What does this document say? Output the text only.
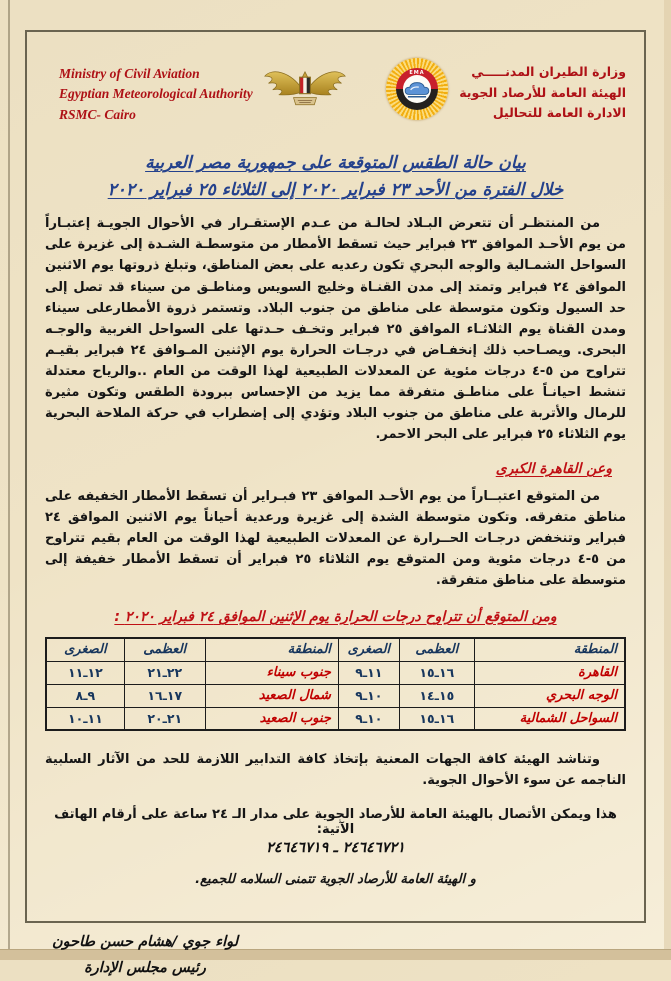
Ministry of Civil Aviation
Egyptian Meteorological Authority
RSMC- Cairo
EMA	وزارة الطيران المدنـــــي
الهيئة العامة للأرصاد الجوية
الادارة العامة للتحاليل
بيان حالة الطقس المتوقعة على جمهورية مصر العربية
خلال الفترة من الأحد ٢٣ فبراير ٢٠٢٠ إلى الثلاثاء ٢٥ فبراير ٢٠٢٠

من المنتظـر أن تتعرض البـلاد لحالـة من عـدم الإستقـرار في الأحوال الجويـة إعتبـاراً من يوم الأحـد الموافق ٢٣ فبراير حيث تسقط الأمطار من متوسطـة الشـدة إلى غزيرة على السواحل الشمـالية والوجه البحري تكون رعديه على بعض المناطق، وتبلغ ذروتها يوم الاثنين الموافق ٢٤ فبراير وتمتد إلى مدن القنـاة وخليج السويس ومناطـق من سيناء قد تصل إلى حد السيول وتكون متوسطة على مناطق من جنوب البلاد. وتستمر ذروة الأمطارعلى سيناء ومدن القناة يوم الثلاثـاء الموافق ٢٥ فبراير وتخـف حـدتها على السواحل الغربية والوجـه البحرى. ويصـاحب ذلك إنخفـاض في درجـات الحرارة يوم الإثنين المـوافق ٢٤ فبراير بقيـم تتراوح من ٤‎-‎٥ درجات مئوية عن المعدلات الطبيعية لهذا الوقت من العام ..والرياح معتدلة تنشط احيانـاً على مناطـق متفرقة مما يزيد من الإحساس ببرودة الطقس وتكون مثيرة للرمال والأتربة على مناطق من جنوب البلاد وتؤدي إلى إضطراب في حركة الملاحة البحرية يوم الثلاثاء ٢٥ فبراير على البحر الاحمر.

وعن القاهرة الكبرى

من المتوقع اعتبــاراً من يوم الأحـد الموافق ٢٣ فبـراير أن تسقط الأمطار الخفيفه على مناطق متفرقه. وتكون متوسطة الشدة إلى غزيرة ورعدية أحياناً يوم الاثنين الموافق ٢٤ فبراير وتنخفض درجـات الحــرارة عن المعدلات الطبيعية لهذا الوقت من العام بقيم تتراوح من ٤‎-‎٥ درجات مئوية ومن المتوقع يوم الثلاثاء ٢٥ فبراير أن تسقط الأمطار خفيفة إلى متوسطة على مناطق متفرقة.

ومن المتوقع أن تتراوح درجات الحرارة يوم الإثنين الموافق ٢٤ فبراير ٢٠٢٠ :
المنطقة	العظمى	الصغرى	المنطقة	العظمى	الصغرى
القاهرة	١٥ـ١٦	٩ـ١١	جنوب سيناء	٢١ـ٢٢	١١ـ١٢
الوجه البحري	١٤ـ١٥	٩ـ١٠	شمال الصعيد	١٦ـ١٧	٨ـ٩
السواحل الشمالية	١٥ـ١٦	٩ـ١٠	جنوب الصعيد	٢٠ـ٢١	١٠ـ١١

وتناشد الهيئة كافة الجهات المعنية بإتخاذ كافة التدابير اللازمة للحد من الآثار السلبية الناجمه عن سوء الأحوال الجوية.

هذا ويمكن الأتصال بالهيئة العامة للأرصاد الجوية على مدار الـ ٢٤ ساعة على أرقام الهاتف الآتية:
٢٤٦٤٦٧١٩ ـ ٢٤٦٤٦٧٢١
و الهيئة العامة للأرصاد الجوية تتمنى السلامه للجميع.
لواء جوي /هشام حسن طاحون
رئيس مجلس الإدارة
